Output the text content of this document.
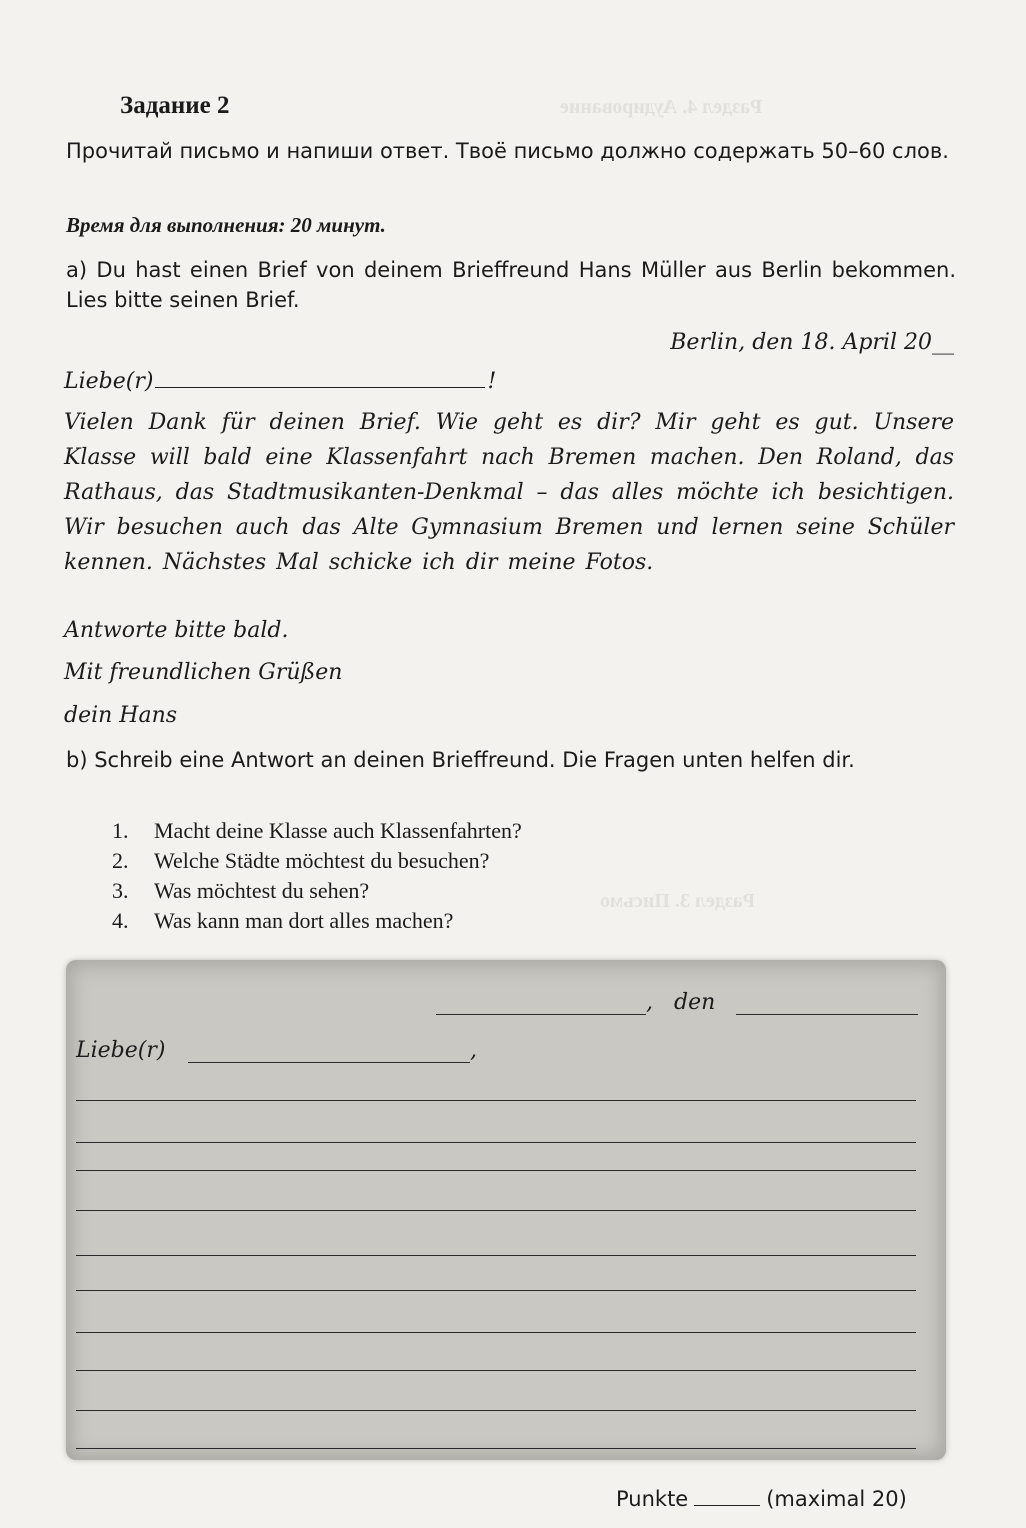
Раздел 4. Аудирование
Раздел 3. Письмо
Задание 2
Прочитай письмо и напиши ответ. Твоё письмо должно содержать 50–60 слов.
Время для выполнения: 20 минут.
a) Du hast einen Brief von deinem Brieffreund Hans Müller aus Berlin bekommen. Lies bitte seinen Brief.
Berlin, den 18. April 20__
Liebe(r)	!
Vielen Dank für deinen Brief. Wie geht es dir? Mir geht es gut. Unsere Klasse will bald eine Klassenfahrt nach Bremen machen. Den Roland, das Rathaus, das Stadtmusikanten-Denkmal – das alles möchte ich besichtigen. Wir besuchen auch das Alte Gymnasium Bremen und lernen seine Schüler kennen. Nächstes Mal schicke ich dir meine Fotos.
Antworte bitte bald.
Mit freundlichen Grüßen
dein Hans
b) Schreib eine Antwort an deinen Brieffreund. Die Fragen unten helfen dir.
1. Macht deine Klasse auch Klassenfahrten?
2. Welche Städte möchtest du besuchen?
3. Was möchtest du sehen?
4. Was kann man dort alles machen?
, den
Liebe(r)	,
Punkte	(maximal 20)
